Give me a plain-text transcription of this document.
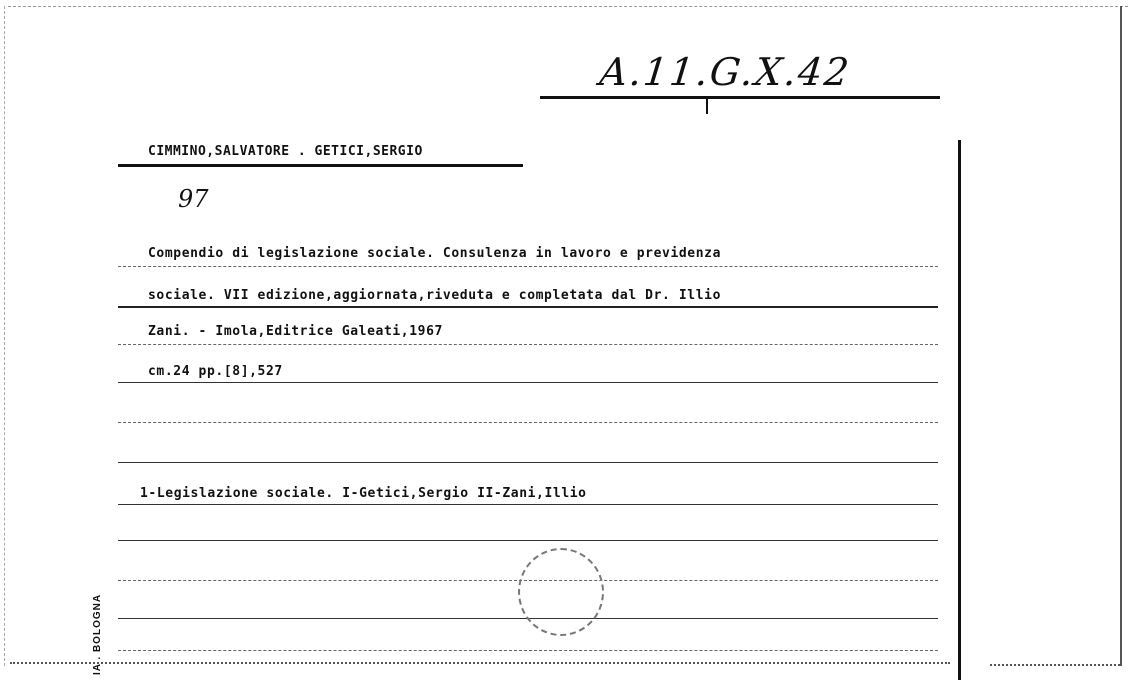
A.11.G.X.42
CIMMINO,SALVATORE . GETICI,SERGIO
97
Compendio di legislazione sociale. Consulenza in lavoro e previdenza
sociale. VII edizione,aggiornata,riveduta e completata dal Dr. Illio
Zani. - Imola,Editrice Galeati,1967
cm.24 pp.[8],527
1-Legislazione sociale. I-Getici,Sergio II-Zani,Illio
IA . BOLOGNA
